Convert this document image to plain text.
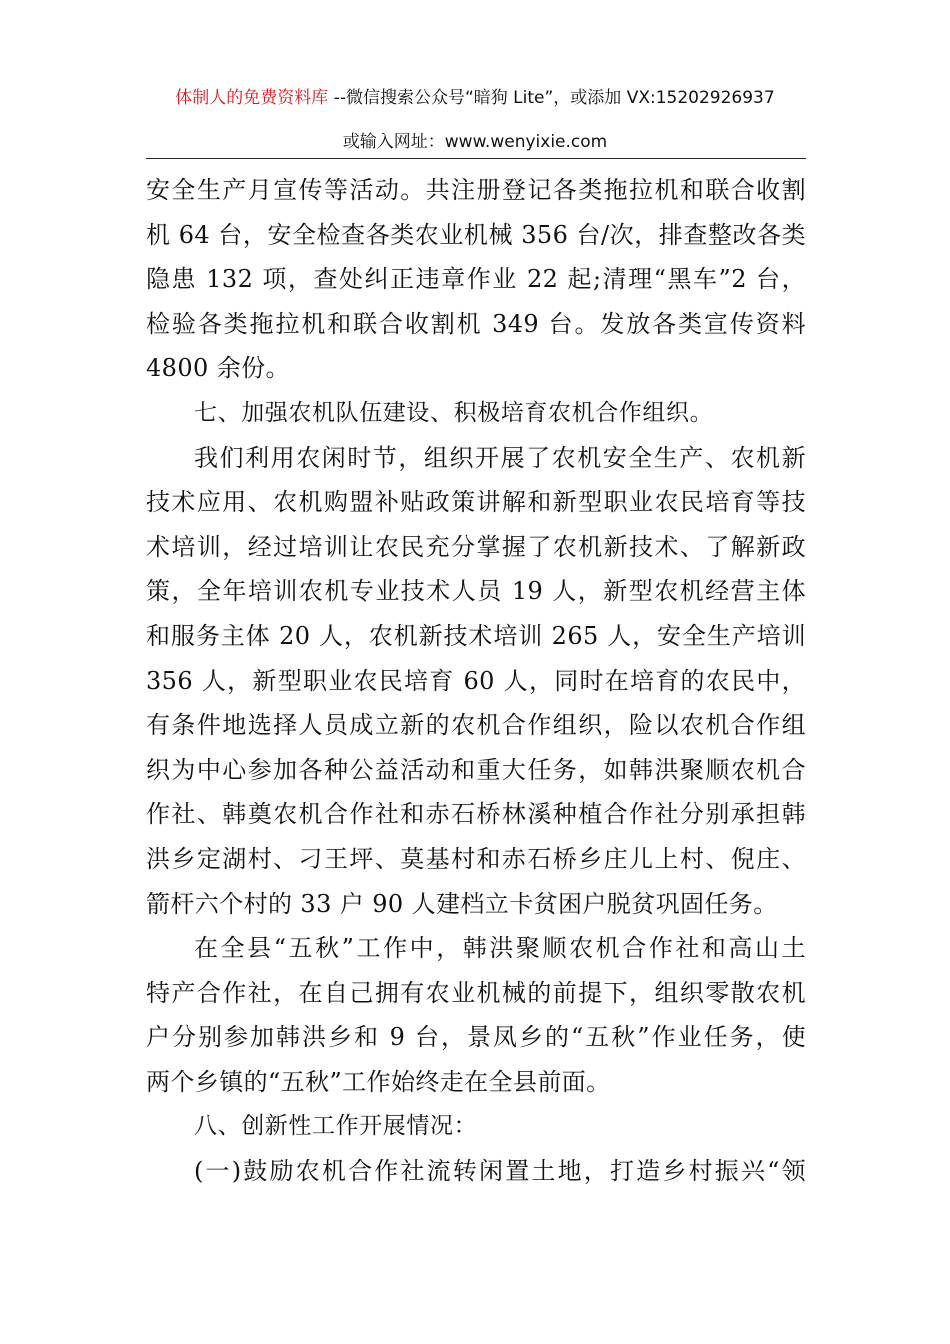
体制人的免费资料库 --微信搜索公众号“暗狗 Lite”，或添加 VX:15202926937
或输入网址：www.wenyixie.com
安全生产月宣传等活动。共注册登记各类拖拉机和联合收割
机 64 台，安全检查各类农业机械 356 台/次，排查整改各类
隐患 132 项，查处纠正违章作业 22 起;清理“黑车”2 台，
检验各类拖拉机和联合收割机 349 台。发放各类宣传资料
4800 余份。
七、加强农机队伍建设、积极培育农机合作组织。
我们利用农闲时节，组织开展了农机安全生产、农机新
技术应用、农机购盟补贴政策讲解和新型职业农民培育等技
术培训，经过培训让农民充分掌握了农机新技术、了解新政
策，全年培训农机专业技术人员 19 人，新型农机经营主体
和服务主体 20 人，农机新技术培训 265 人，安全生产培训
356 人，新型职业农民培育 60 人，同时在培育的农民中，
有条件地选择人员成立新的农机合作组织，险以农机合作组
织为中心参加各种公益活动和重大任务，如韩洪聚顺农机合
作社、韩奠农机合作社和赤石桥林溪种植合作社分别承担韩
洪乡定湖村、刁王坪、莫基村和赤石桥乡庄儿上村、倪庄、
箭杆六个村的 33 户 90 人建档立卡贫困户脱贫巩固任务。
在全县“五秋”工作中，韩洪聚顺农机合作社和高山土
特产合作社，在自己拥有农业机械的前提下，组织零散农机
户分别参加韩洪乡和 9 台，景凤乡的“五秋”作业任务，使
两个乡镇的“五秋”工作始终走在全县前面。
八、创新性工作开展情况：
(一)鼓励农机合作社流转闲置土地，打造乡村振兴“领
